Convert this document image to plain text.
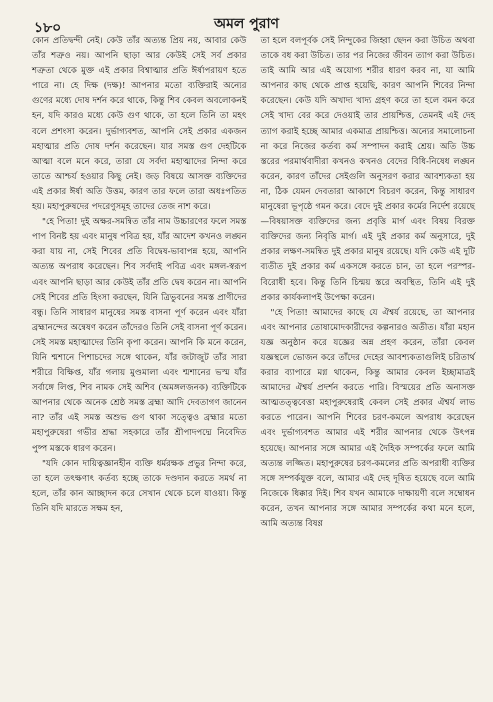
১৮০	অমল পুরাণ

কোন প্রতিদ্বন্দী নেই। কেউ তাঁর অত্যন্ত প্রিয় নয়, আবার কেউ তাঁর শত্রুও নয়। আপনি ছাড়া আর কেউই সেই সর্ব প্রকার শত্রুতা থেকে মুক্ত এই প্রকার বিশ্বাত্মার প্রতি ঈর্ষাপরায়ণ হতে পারে না। হে দিক্ষ (দক্ষ)! আপনার মতো ব্যক্তিরাই অন্যের গুণের মধ্যে দোষ দর্শন করে থাকে, কিন্তু শিব কেবল অবলোকনই হন, যদি কারও মধ্যে কেউ গুণ থাকে, তা হলে তিনি তা মহৎ বলে প্রশংসা করেন। দুর্ভাগ্যবশত, আপনি সেই প্রকার একজন মহাত্মার প্রতি দোষ দর্শন করেছেন। যার সমস্ত গুণ দেহটিকে আত্মা বলে মনে করে, তারা যে সর্বদা মহাত্মাদের নিন্দা করে তাতে আশ্চর্য হওয়ার কিছু নেই। জড় বিষয়ে আসক্ত ব্যক্তিদের এই প্রকার ঈর্ষা অতি উত্তম, কারণ তার ফলে তারা অধঃপতিত হয়। মহাপুরুষদের পদরেণুসমূহ তাদের তেজ নাশ করে।

"হে পিতা! দুই অক্ষর-সমন্বিত তাঁর নাম উচ্চারণের ফলে সমস্ত পাপ বিনষ্ট হয় এবং মানুষ পবিত্র হয়, যাঁর আদেশ কখনও লঙ্ঘন করা যায় না, সেই শিবের প্রতি বিদ্বেষ-ভাবাপন্ন হয়ে, আপনি অত্যন্ত অপরাধ করেছেন। শিব সর্বদাই পবিত্র এবং মঙ্গল-স্বরূপ এবং আপনি ছাড়া আর কেউই তাঁর প্রতি দ্বেষ করেন না। আপনি সেই শিবের প্রতি হিংসা করছেন, যিনি ত্রিভুবনের সমস্ত প্রাণীদের বন্ধু। তিনি সাধারণ মানুষের সমস্ত বাসনা পূর্ণ করেন এবং যাঁরা ব্রহ্মানন্দের অন্বেষণ করেন তাঁদেরও তিনি সেই বাসনা পূর্ণ করেন। সেই সমস্ত মহাত্মাদের তিনি কৃপা করেন। আপনি কি মনে করেন, যিনি শ্মশানে পিশাচদের সঙ্গে থাকেন, যাঁর জটাজুট তাঁর সারা শরীরে বিক্ষিপ্ত, যাঁর গলায় মুণ্ডমালা এবং শ্মশানের ভস্ম যাঁর সর্বাঙ্গে লিপ্ত, শিব নামক সেই অশিব (অমঙ্গলজনক) ব্যক্তিটিকে আপনার থেকে অনেক শ্রেষ্ঠ সমস্ত ব্রহ্মা আদি দেবতাগণ জানেন না? তাঁর এই সমস্ত অশুভ গুণ থাকা সত্ত্বেও ব্রহ্মার মতো মহাপুরুষেরা গভীর শ্রদ্ধা সহকারে তাঁর শ্রীপাদপদ্মে নিবেদিত পুষ্প মস্তকে ধারণ করেন।

"যদি কোন দায়িত্বজ্ঞানহীন ব্যক্তি ধর্মরক্ষক প্রভুর নিন্দা করে, তা হলে তৎক্ষণাৎ কর্তব্য হচ্ছে তাকে দণ্ডদান করতে সমর্থ না হলে, তাঁর কান আচ্ছাদন করে সেখান থেকে চলে যাওয়া। কিন্তু তিনি যদি মারতে সক্ষম হন,

তা হলে বলপূর্বক সেই নিন্দুকের জিহ্বা ছেদন করা উচিত অথবা তাকে বধ করা উচিত। তার পর নিজের জীবন ত্যাগ করা উচিত। তাই আমি আর এই অযোগ্য শরীর ধারণ করব না, যা আমি আপনার কাছ থেকে প্রাপ্ত হয়েছি, কারণ আপনি শিবের নিন্দা করেছেন। কেউ যদি অখাদ্য খাদ্য গ্রহণ করে তা হলে বমন করে সেই খাদ্য বের করে দেওয়াই তার প্রায়শ্চিত্ত, তেমনই এই দেহ ত্যাগ করাই হচ্ছে আমার একমাত্র প্রায়শ্চিত্ত। অন্যের সমালোচনা না করে নিজের কর্তব্য কর্ম সম্পাদন করাই শ্রেয়। অতি উচ্চ স্তরের পরমার্থবাদীরা কখনও কখনও বেদের বিধি-নিষেধ লঙ্ঘন করেন, কারণ তাঁদের সেইগুলি অনুসরণ করার আবশ্যকতা হয় না, ঠিক যেমন দেবতারা আকাশে বিচরণ করেন, কিন্তু সাধারণ মানুষেরা ভূপৃষ্ঠে গমন করে। বেদে দুই প্রকার কর্মের নির্দেশ রয়েছে—বিষয়াসক্ত ব্যক্তিদের জন্য প্রবৃত্তি মার্গ এবং বিষয় বিরক্ত ব্যক্তিদের জন্য নিবৃত্তি মার্গ। এই দুই প্রকার কর্ম অনুসারে, দুই প্রকার লক্ষণ-সমন্বিত দুই প্রকার মানুষ রয়েছে। যদি কেউ এই দুটি ব্যতীত দুই প্রকার কর্ম একসঙ্গে করতে চান, তা হলে পরস্পর-বিরোধী হবে। কিন্তু তিনি চিন্ময় স্তরে অবস্থিত, তিনি এই দুই প্রকার কার্যকলাপই উপেক্ষা করেন।

"হে পিতা! আমাদের কাছে যে ঐশ্বর্য রয়েছে, তা আপনার এবং আপনার তোষামোদকারীদের কল্পনারও অতীত। যাঁরা মহান যজ্ঞ অনুষ্ঠান করে যজ্ঞের অন্ন প্রহণ করেন, তাঁরা কেবল যজ্ঞস্থলে ভোজন করে তাঁদের দেহের আবশ্যকতাগুলিই চরিতার্থ করার ব্যাপারে মগ্ন থাকেন, কিন্তু আমার কেবল ইচ্ছামাত্রই আমাদের ঐশ্বর্য প্রদর্শন করতে পারি। বিস্ময়ের প্রতি অনাসক্ত আত্মতত্ত্ববেত্তা মহাপুরুষেরাই কেবল সেই প্রকার ঐশ্বর্য লাভ করতে পারেন। আপনি শিবের চরণ-কমলে অপরাধ করেছেন এবং দুর্ভাগ্যবশত আমার এই শরীর আপনার থেকে উৎপন্ন হয়েছে। আপনার সঙ্গে আমার এই দৈহিক সম্পর্কের ফলে আমি অত্যন্ত লজ্জিত। মহাপুরুষের চরণ-কমলের প্রতি অপরাধী ব্যক্তির সঙ্গে সম্পর্কযুক্ত বলে, আমার এই দেহ দূষিত হয়েছে বলে আমি নিজেকে ধিক্কার দিই। শিব যখন আমাকে দাক্ষায়ণী বলে সম্বোধন করেন, তখন আপনার সঙ্গে আমার সম্পর্কের কথা মনে হলে, আমি অত্যন্ত বিষণ্ণ
